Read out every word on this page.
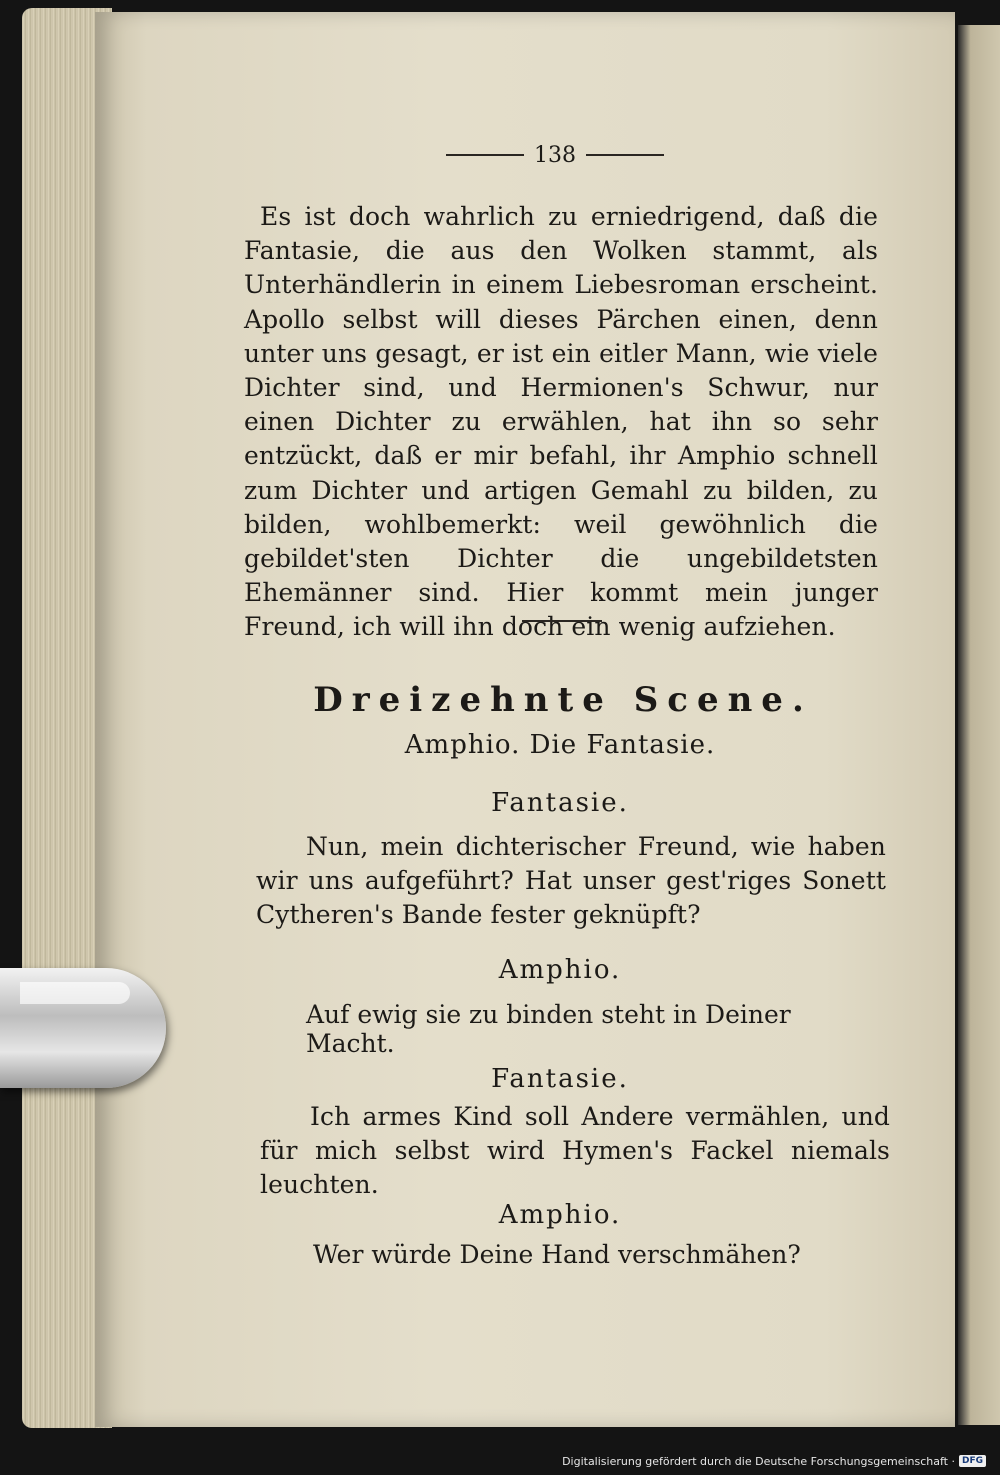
138

Es ist doch wahrlich zu erniedrigend, daß die Fantasie, die aus den Wolken stammt, als Unterhändlerin in einem Liebesroman erscheint. Apollo selbst will dieses Pärchen einen, denn unter uns gesagt, er ist ein eitler Mann, wie viele Dichter sind, und Hermionen's Schwur, nur einen Dichter zu erwählen, hat ihn so sehr entzückt, daß er mir befahl, ihr Amphio schnell zum Dichter und artigen Gemahl zu bilden, zu bilden, wohlbemerkt: weil gewöhnlich die gebildet'sten Dichter die ungebildetsten Ehemänner sind. Hier kommt mein junger Freund, ich will ihn doch ein wenig aufziehen.

Dreizehnte Scene.
Amphio. Die Fantasie.
Fantasie.

Nun, mein dichterischer Freund, wie haben wir uns aufgeführt? Hat unser gest'riges Sonett Cytheren's Bande fester geknüpft?

Amphio.
Auf ewig sie zu binden steht in Deiner Macht.
Fantasie.

Ich armes Kind soll Andere vermählen, und für mich selbst wird Hymen's Fackel niemals leuchten.

Amphio.
Wer würde Deine Hand verschmähen?
Digitalisierung gefördert durch die Deutsche Forschungsgemeinschaft · DFG
